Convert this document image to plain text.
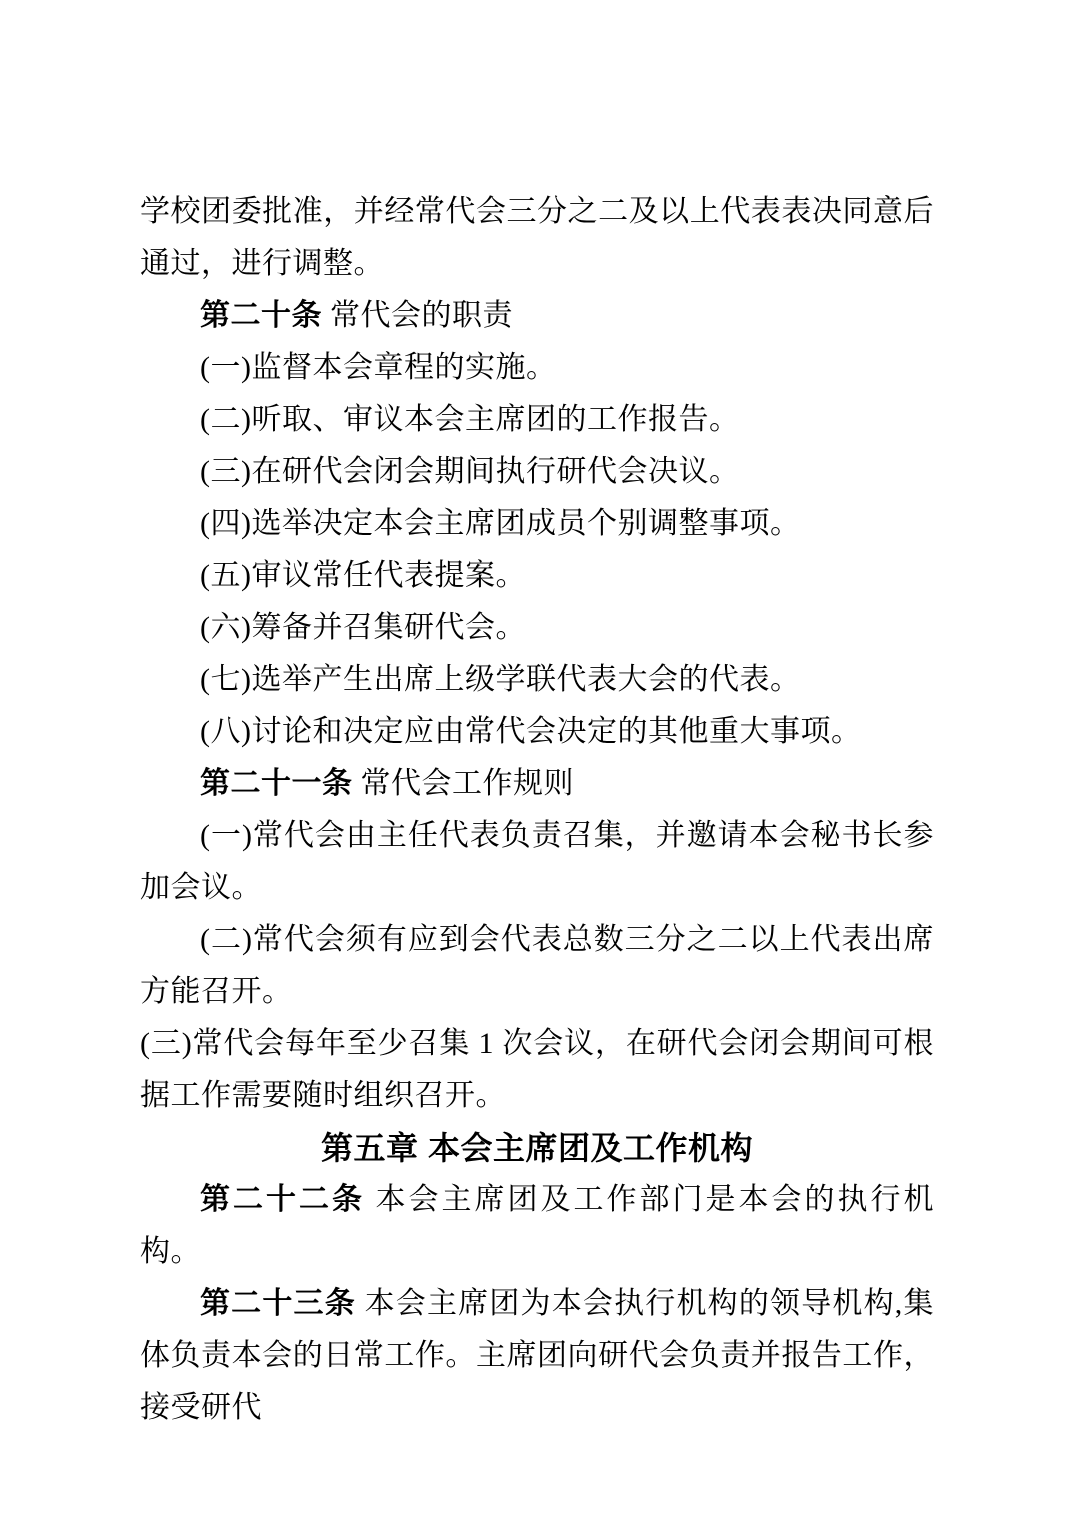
学校团委批准，并经常代会三分之二及以上代表表决同意后通过，进行调整。
第二十条 常代会的职责
(一)监督本会章程的实施。
(二)听取、审议本会主席团的工作报告。
(三)在研代会闭会期间执行研代会决议。
(四)选举决定本会主席团成员个别调整事项。
(五)审议常任代表提案。
(六)筹备并召集研代会。
(七)选举产生出席上级学联代表大会的代表。
(八)讨论和决定应由常代会决定的其他重大事项。
第二十一条 常代会工作规则
(一)常代会由主任代表负责召集，并邀请本会秘书长参加会议。
(二)常代会须有应到会代表总数三分之二以上代表出席方能召开。
(三)常代会每年至少召集 1 次会议，在研代会闭会期间可根据工作需要随时组织召开。
第五章 本会主席团及工作机构
第二十二条 本会主席团及工作部门是本会的执行机构。
第二十三条 本会主席团为本会执行机构的领导机构,集体负责本会的日常工作。主席团向研代会负责并报告工作，接受研代
